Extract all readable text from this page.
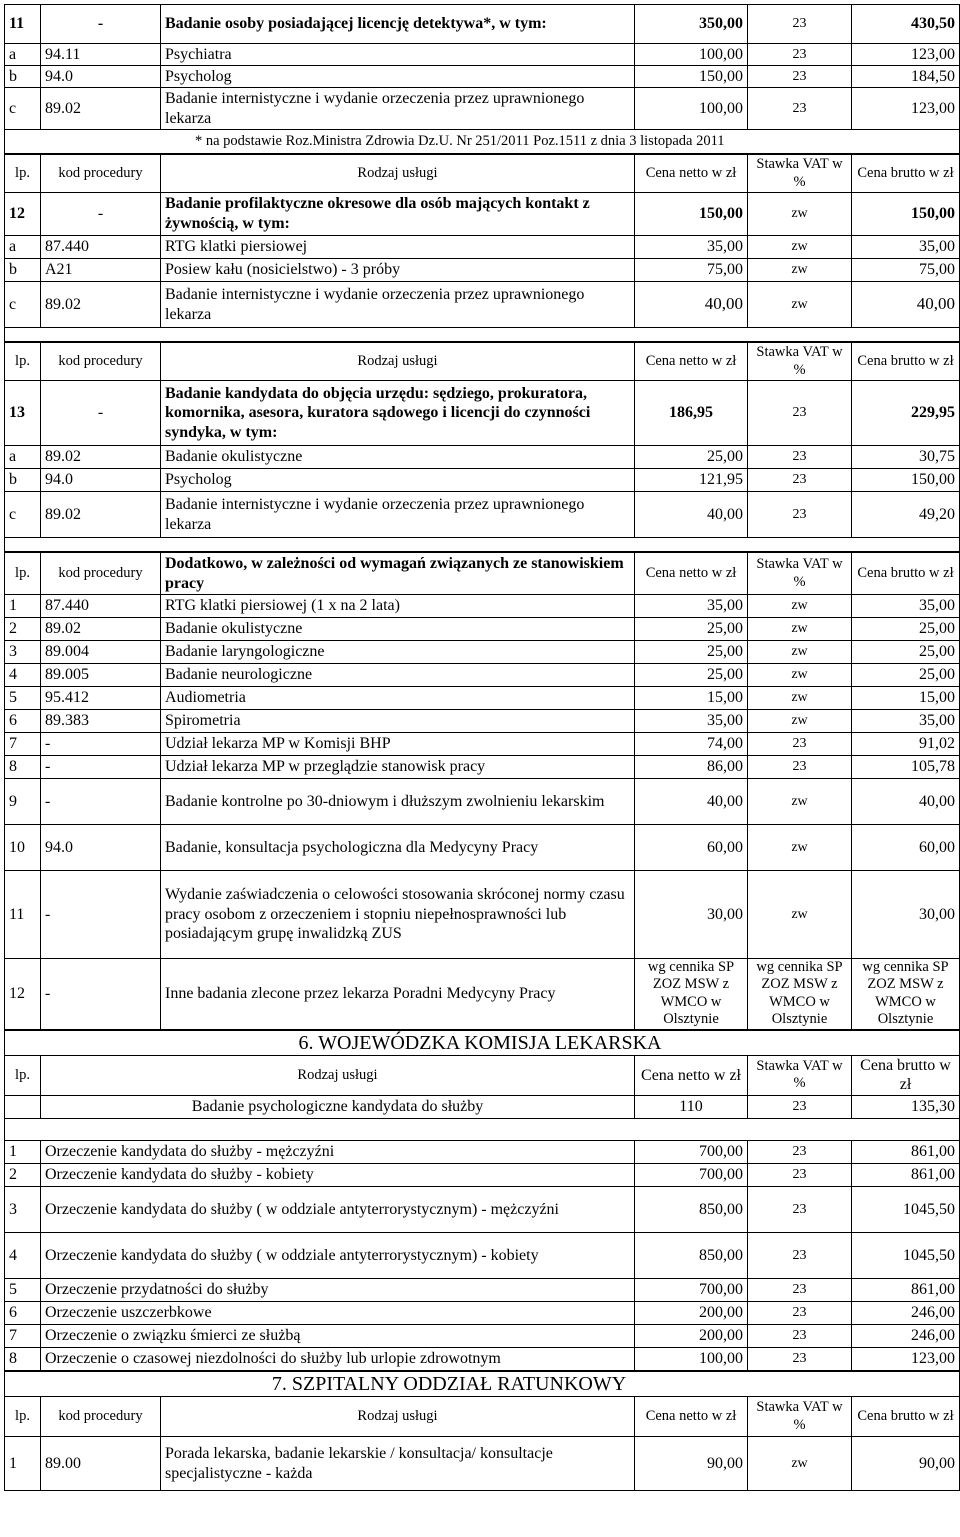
11	-	Badanie osoby posiadającej licencję detektywa*, w tym:	350,00	23	430,50
a	94.11	Psychiatra	100,00	23	123,00
b	94.0	Psycholog	150,00	23	184,50
c	89.02	Badanie internistyczne i wydanie orzeczenia przez uprawnionego lekarza	100,00	23	123,00
* na podstawie Roz.Ministra Zdrowia Dz.U. Nr 251/2011 Poz.1511 z dnia 3 listopada 2011					
lp.	kod procedury	Rodzaj usługi	Cena netto w zł	Stawka VAT w %	Cena brutto w zł
12	-	Badanie profilaktyczne okresowe dla osób mających kontakt z żywnością, w tym:	150,00	zw	150,00
a	87.440	RTG klatki piersiowej	35,00	zw	35,00
b	A21	Posiew kału (nosicielstwo) - 3 próby	75,00	zw	75,00
c	89.02	Badanie internistyczne i wydanie orzeczenia przez uprawnionego lekarza	40,00	zw	40,00

lp.	kod procedury	Rodzaj usługi	Cena netto w zł	Stawka VAT w %	Cena brutto w zł
13	-	Badanie kandydata do objęcia urzędu: sędziego, prokuratora, komornika, asesora, kuratora sądowego i licencji do czynności syndyka, w tym:	186,95	23	229,95
a	89.02	Badanie okulistyczne	25,00	23	30,75
b	94.0	Psycholog	121,95	23	150,00
c	89.02	Badanie internistyczne i wydanie orzeczenia przez uprawnionego lekarza	40,00	23	49,20

lp.	kod procedury	Dodatkowo, w zależności od wymagań związanych ze stanowiskiem pracy	Cena netto w zł	Stawka VAT w %	Cena brutto w zł
1	87.440	RTG klatki piersiowej (1 x na 2 lata)	35,00	zw	35,00
2	89.02	Badanie okulistyczne	25,00	zw	25,00
3	89.004	Badanie laryngologiczne	25,00	zw	25,00
4	89.005	Badanie neurologiczne	25,00	zw	25,00
5	95.412	Audiometria	15,00	zw	15,00
6	89.383	Spirometria	35,00	zw	35,00
7	-	Udział lekarza MP w Komisji BHP	74,00	23	91,02
8	-	Udział lekarza MP w przeglądzie stanowisk pracy	86,00	23	105,78
9	-	Badanie kontrolne po 30-dniowym i dłuższym zwolnieniu lekarskim	40,00	zw	40,00
10	94.0	Badanie, konsultacja psychologiczna dla Medycyny Pracy	60,00	zw	60,00
11	-	Wydanie zaświadczenia o celowości stosowania skróconej normy czasu pracy osobom z orzeczeniem i stopniu niepełnosprawności lub posiadającym grupę inwalidzką ZUS	30,00	zw	30,00
12	-	Inne badania zlecone przez lekarza Poradni Medycyny Pracy	wg cennika SP ZOZ MSW z WMCO w Olsztynie	wg cennika SP ZOZ MSW z WMCO w Olsztynie	wg cennika SP ZOZ MSW z WMCO w Olsztynie
6. WOJEWÓDZKA KOMISJA LEKARSKA				
lp.	Rodzaj usługi	Cena netto w zł	Stawka VAT w %	Cena brutto w zł
	Badanie psychologiczne kandydata do służby	110	23	135,30

1	Orzeczenie kandydata do służby - mężczyźni	700,00	23	861,00
2	Orzeczenie kandydata do służby - kobiety	700,00	23	861,00
3	Orzeczenie kandydata do służby ( w oddziale antyterrorystycznym) - mężczyźni	850,00	23	1045,50
4	Orzeczenie kandydata do służby ( w oddziale antyterrorystycznym) - kobiety	850,00	23	1045,50
5	Orzeczenie przydatności do służby	700,00	23	861,00
6	Orzeczenie uszczerbkowe	200,00	23	246,00
7	Orzeczenie o związku śmierci ze służbą	200,00	23	246,00
8	Orzeczenie o czasowej niezdolności do służby lub urlopie zdrowotnym	100,00	23	123,00
7. SZPITALNY ODDZIAŁ RATUNKOWY					
lp.	kod procedury	Rodzaj usługi	Cena netto w zł	Stawka VAT w %	Cena brutto w zł
1	89.00	Porada lekarska, badanie lekarskie / konsultacja/ konsultacje specjalistyczne - każda	90,00	zw	90,00
